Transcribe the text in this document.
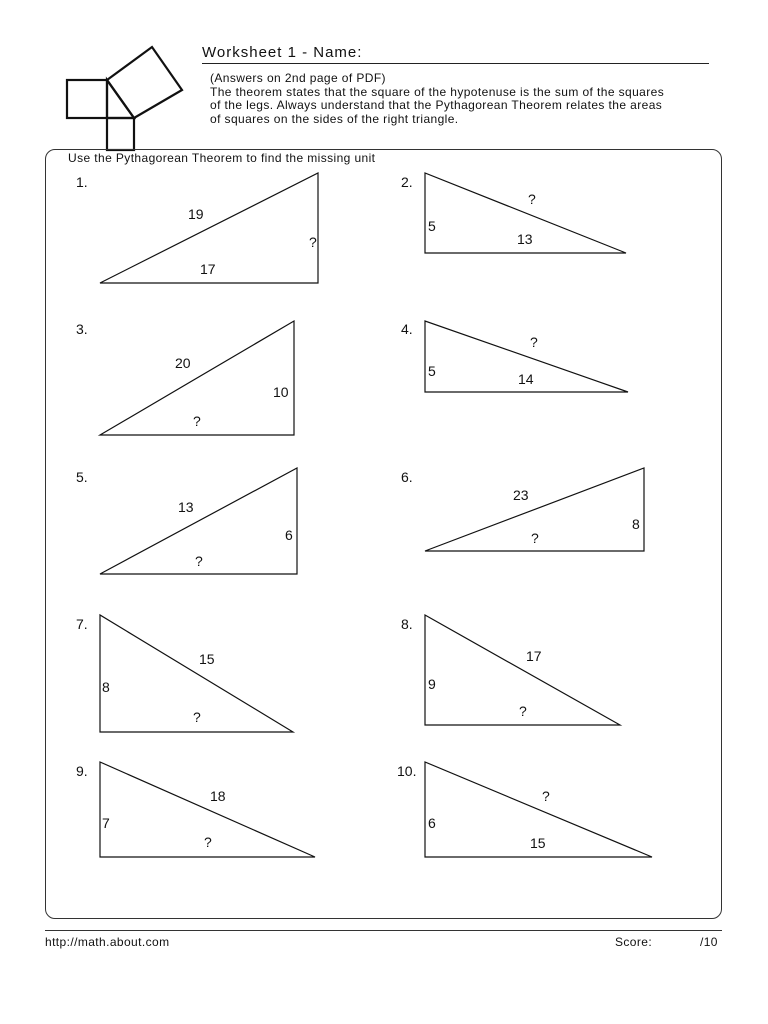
Worksheet 1 - Name:
(Answers on 2nd page of PDF)
The theorem states that the square of the hypotenuse is the sum of the squares
of the legs. Always understand that the Pythagorean Theorem relates the areas
of squares on the sides of the right triangle.
Use the Pythagorean Theorem to find the missing unit
1.	2.
3.	4.
5.	6.
7.	8.
9.	10.
19
?
17
?
5
13
20
10
?
?
5	14
13
6
?
23
8
?
15
8
?
17
9
?
18
7
?
?
6
15
http://math.about.com	Score:	/10
